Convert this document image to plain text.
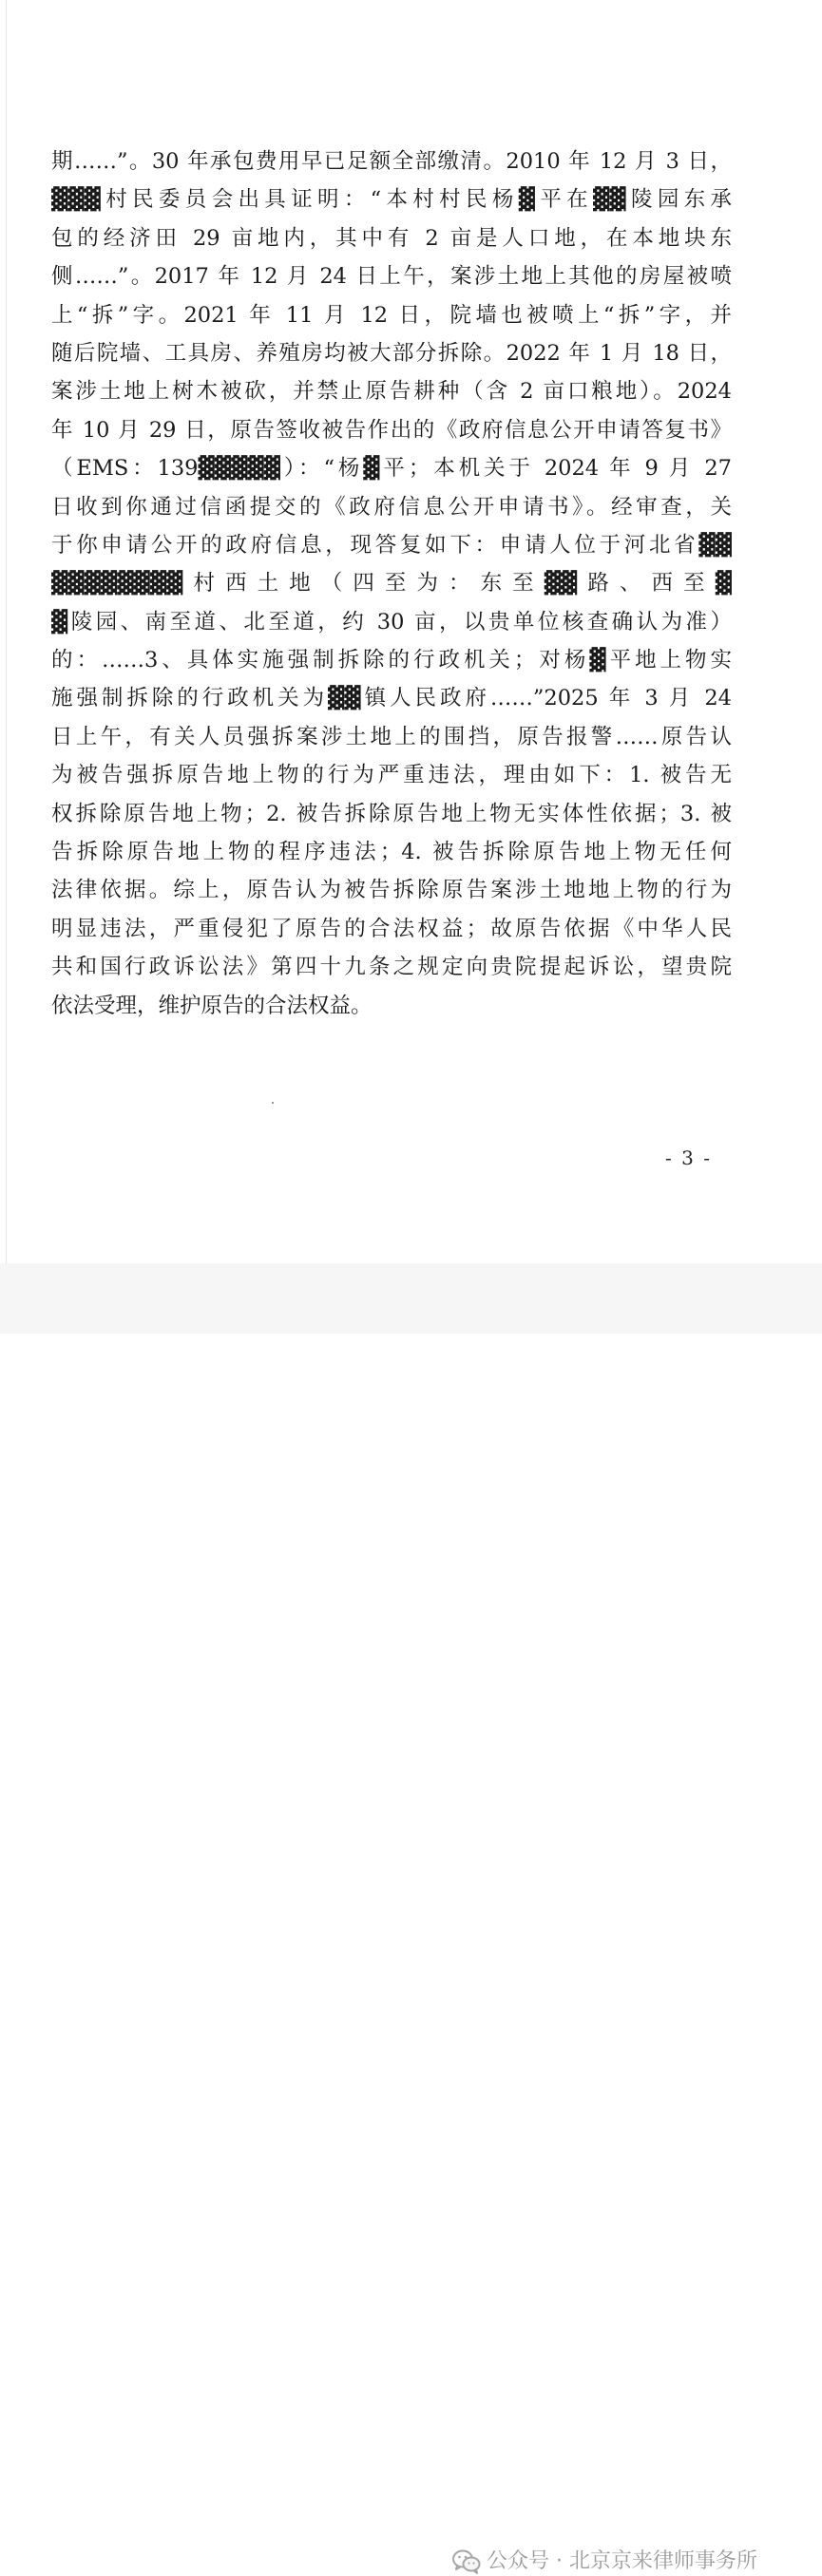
期……”。30 年承包费用早已足额全部缴清。2010 年 12 月 3 日，
▓▓▓村民委员会出具证明：“本村村民杨▓平在▓▓陵园东承
包的经济田 29 亩地内，其中有 2 亩是人口地，在本地块东
侧……”。2017 年 12 月 24 日上午，案涉土地上其他的房屋被喷
上“拆”字。2021 年 11 月 12 日，院墙也被喷上“拆”字，并
随后院墙、工具房、养殖房均被大部分拆除。2022 年 1 月 18 日，
案涉土地上树木被砍，并禁止原告耕种（含 2 亩口粮地）。2024
年 10 月 29 日，原告签收被告作出的《政府信息公开申请答复书》
（EMS：139▓▓▓▓▓）：“杨▓平；本机关于 2024 年 9 月 27
日收到你通过信函提交的《政府信息公开申请书》。经审查，关
于你申请公开的政府信息，现答复如下：申请人位于河北省▓▓
▓▓▓▓▓▓▓▓村西土地（四至为：东至▓▓路、西至▓
▓陵园、南至道、北至道，约 30 亩，以贵单位核查确认为准）
的：……3、具体实施强制拆除的行政机关；对杨▓平地上物实
施强制拆除的行政机关为▓▓镇人民政府……”2025 年 3 月 24
日上午，有关人员强拆案涉土地上的围挡，原告报警……原告认
为被告强拆原告地上物的行为严重违法，理由如下：1. 被告无
权拆除原告地上物；2. 被告拆除原告地上物无实体性依据；3. 被
告拆除原告地上物的程序违法；4. 被告拆除原告地上物无任何
法律依据。综上，原告认为被告拆除原告案涉土地地上物的行为
明显违法，严重侵犯了原告的合法权益；故原告依据《中华人民
共和国行政诉讼法》第四十九条之规定向贵院提起诉讼，望贵院
依法受理，维护原告的合法权益。
- 3 -
公众号 · 北京京来律师事务所
